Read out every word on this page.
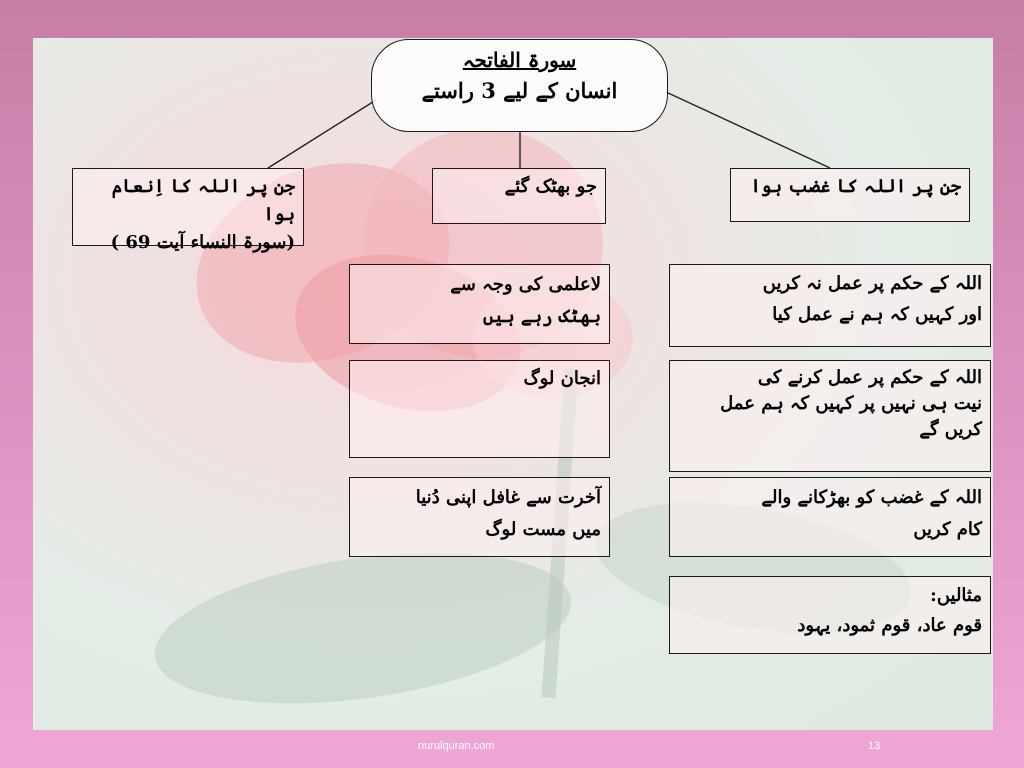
سورۃ الفاتحہ
انسان کے لیے 3 راستے
جن پر اللہ کا اِنعام ہوا
(سورۃ النساء آیت 69 )
جو بھٹک گئے	جن پر اللہ کا غضب ہوا
لاعلمی کی وجہ سے
بھٹک رہے ہیں
انجان لوگ
آخرت سے غافل اپنی دُنیا
میں مست لوگ
اللہ کے حکم پر عمل نہ کریں
اور کہیں کہ ہم نے عمل کیا
اللہ کے حکم پر عمل کرنے کی
نیت ہی نہیں پر کہیں کہ ہم عمل
کریں گے
اللہ کے غضب کو بھڑکانے والے
کام کریں
مثالیں:
قوم عاد، قوم ثمود، یہود
nurulquran.com	13
